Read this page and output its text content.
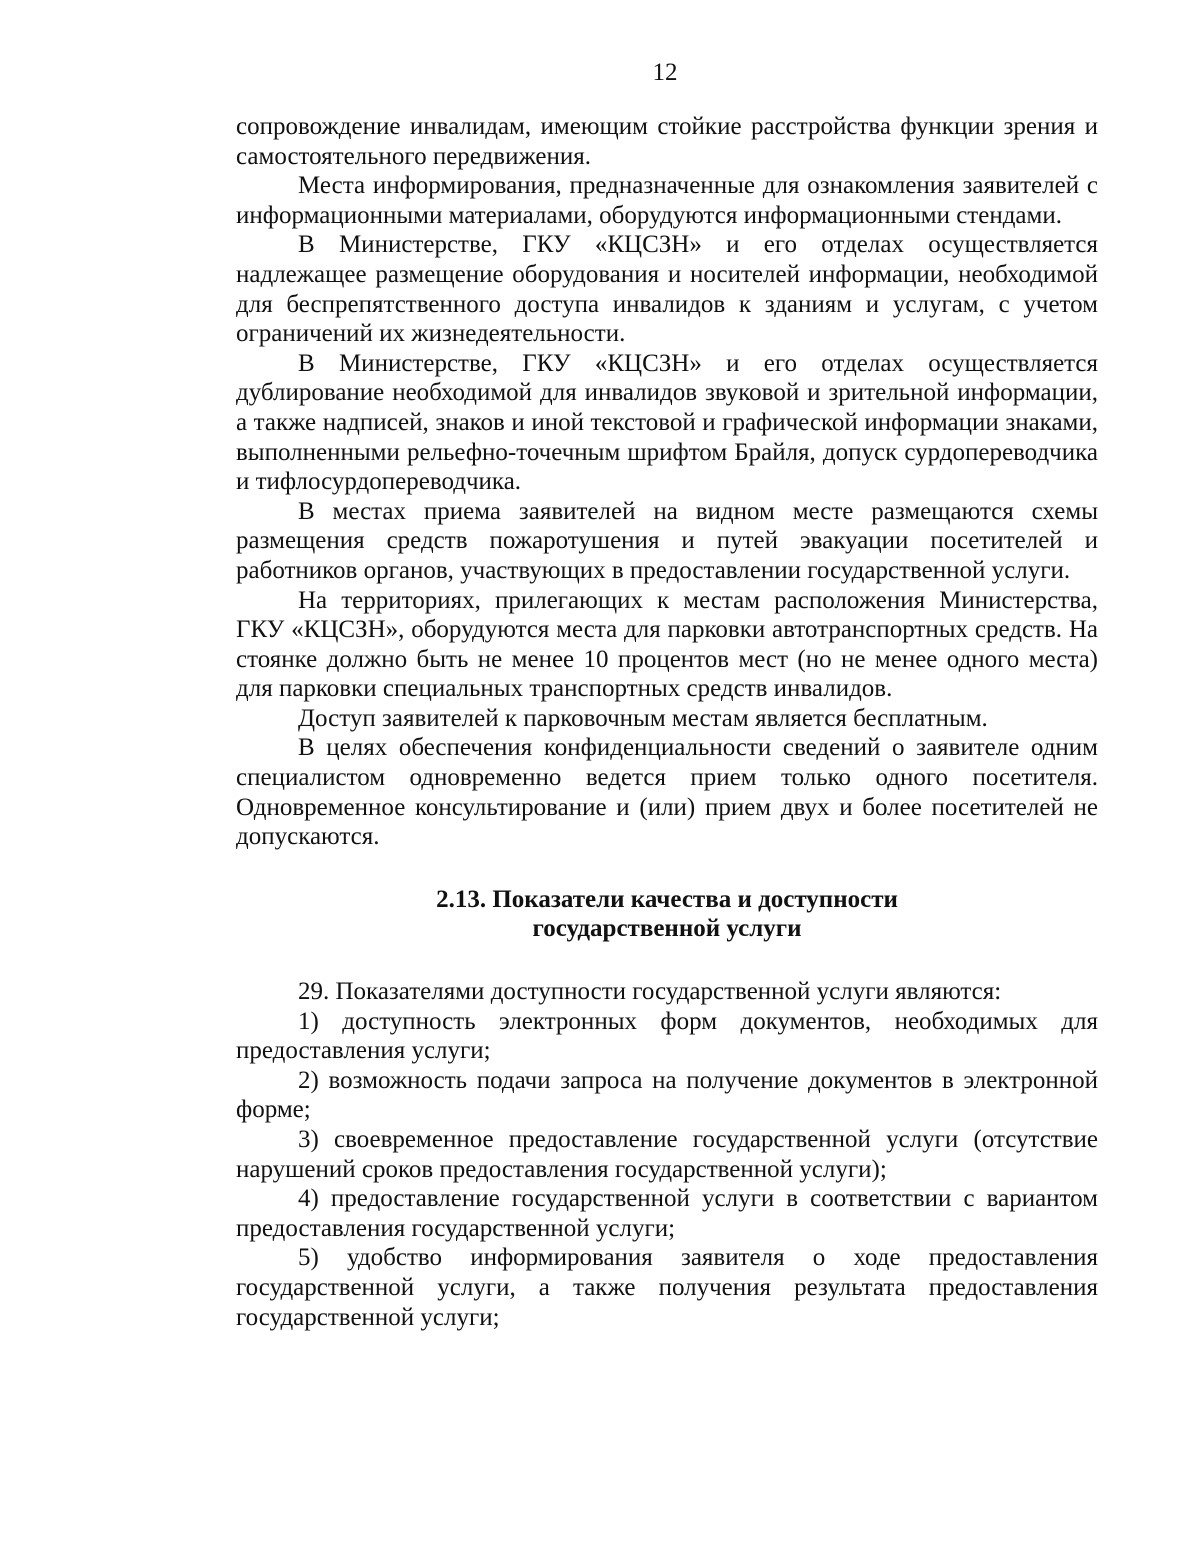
12

сопровождение инвалидам, имеющим стойкие расстройства функции зрения и самостоятельного передвижения.

Места информирования, предназначенные для ознакомления заявителей с информационными материалами, оборудуются информационными стендами.

В Министерстве, ГКУ «КЦСЗН» и его отделах осуществляется надлежащее размещение оборудования и носителей информации, необходимой для беспрепятственного доступа инвалидов к зданиям и услугам, с учетом ограничений их жизнедеятельности.

В Министерстве, ГКУ «КЦСЗН» и его отделах осуществляется дублирование необходимой для инвалидов звуковой и зрительной информации, а также надписей, знаков и иной текстовой и графической информации знаками, выполненными рельефно-точечным шрифтом Брайля, допуск сурдопереводчика и тифлосурдопереводчика.

В местах приема заявителей на видном месте размещаются схемы размещения средств пожаротушения и путей эвакуации посетителей и работников органов, участвующих в предоставлении государственной услуги.

На территориях, прилегающих к местам расположения Министерства, ГКУ «КЦСЗН», оборудуются места для парковки автотранспортных средств. На стоянке должно быть не менее 10 процентов мест (но не менее одного места) для парковки специальных транспортных средств инвалидов.

Доступ заявителей к парковочным местам является бесплатным.

В целях обеспечения конфиденциальности сведений о заявителе одним специалистом одновременно ведется прием только одного посетителя. Одновременное консультирование и (или) прием двух и более посетителей не допускаются.

2.13. Показатели качества и доступности
государственной услуги

29. Показателями доступности государственной услуги являются:

1) доступность электронных форм документов, необходимых для предоставления услуги;

2) возможность подачи запроса на получение документов в электронной форме;

3) своевременное предоставление государственной услуги (отсутствие нарушений сроков предоставления государственной услуги);

4) предоставление государственной услуги в соответствии с вариантом предоставления государственной услуги;

5) удобство информирования заявителя о ходе предоставления государственной услуги, а также получения результата предоставления государственной услуги;
